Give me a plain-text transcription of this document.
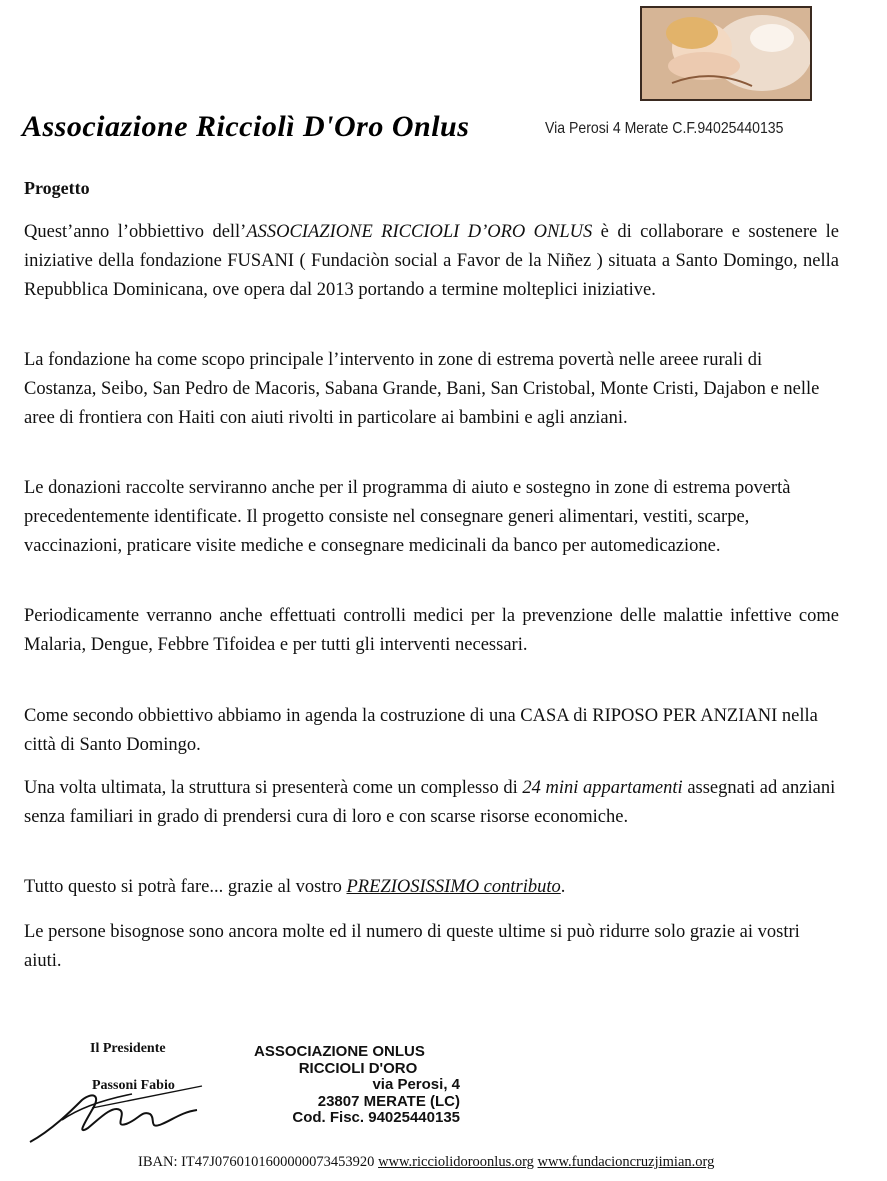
Associazione Ricciolì D'Oro Onlus	Via Perosi 4 Merate C.F.94025440135
Progetto

Quest’anno l’obbiettivo dell’ASSOCIAZIONE RICCIOLI D’ORO ONLUS è di collaborare e sostenere le iniziative della fondazione FUSANI ( Fundaciòn social a Favor de la Niñez ) situata a Santo Domingo, nella Repubblica Dominicana, ove opera dal 2013 portando a termine molteplici iniziative.

La fondazione ha come scopo principale l’intervento in zone di estrema povertà nelle areee rurali di Costanza, Seibo, San Pedro de Macoris, Sabana Grande, Bani, San Cristobal, Monte Cristi, Dajabon e nelle aree di frontiera con Haiti con aiuti rivolti in particolare ai bambini e agli anziani.

Le donazioni raccolte serviranno anche per il programma di aiuto e sostegno in zone di estrema povertà precedentemente identificate. Il progetto consiste nel consegnare generi alimentari, vestiti, scarpe, vaccinazioni, praticare visite mediche e consegnare medicinali da banco per automedicazione.

Periodicamente verranno anche effettuati controlli medici per la prevenzione delle malattie infettive come Malaria, Dengue, Febbre Tifoidea e per tutti gli interventi necessari.

Come secondo obbiettivo abbiamo in agenda la costruzione di una CASA di RIPOSO PER ANZIANI nella città di Santo Domingo.

Una volta ultimata, la struttura si presenterà come un complesso di 24 mini appartamenti assegnati ad anziani senza familiari in grado di prendersi cura di loro e con scarse risorse economiche.

Tutto questo si potrà fare... grazie al vostro PREZIOSISSIMO contributo.

Le persone bisognose sono ancora molte ed il numero di queste ultime si può ridurre solo grazie ai vostri aiuti.

Il Presidente
Passoni Fabio
ASSOCIAZIONE ONLUS
RICCIOLI D'ORO
via Perosi, 4
23807 MERATE (LC)
Cod. Fisc. 94025440135
IBAN: IT47J0760101600000073453920 www.ricciolidoroonlus.org www.fundacioncruzjimian.org
